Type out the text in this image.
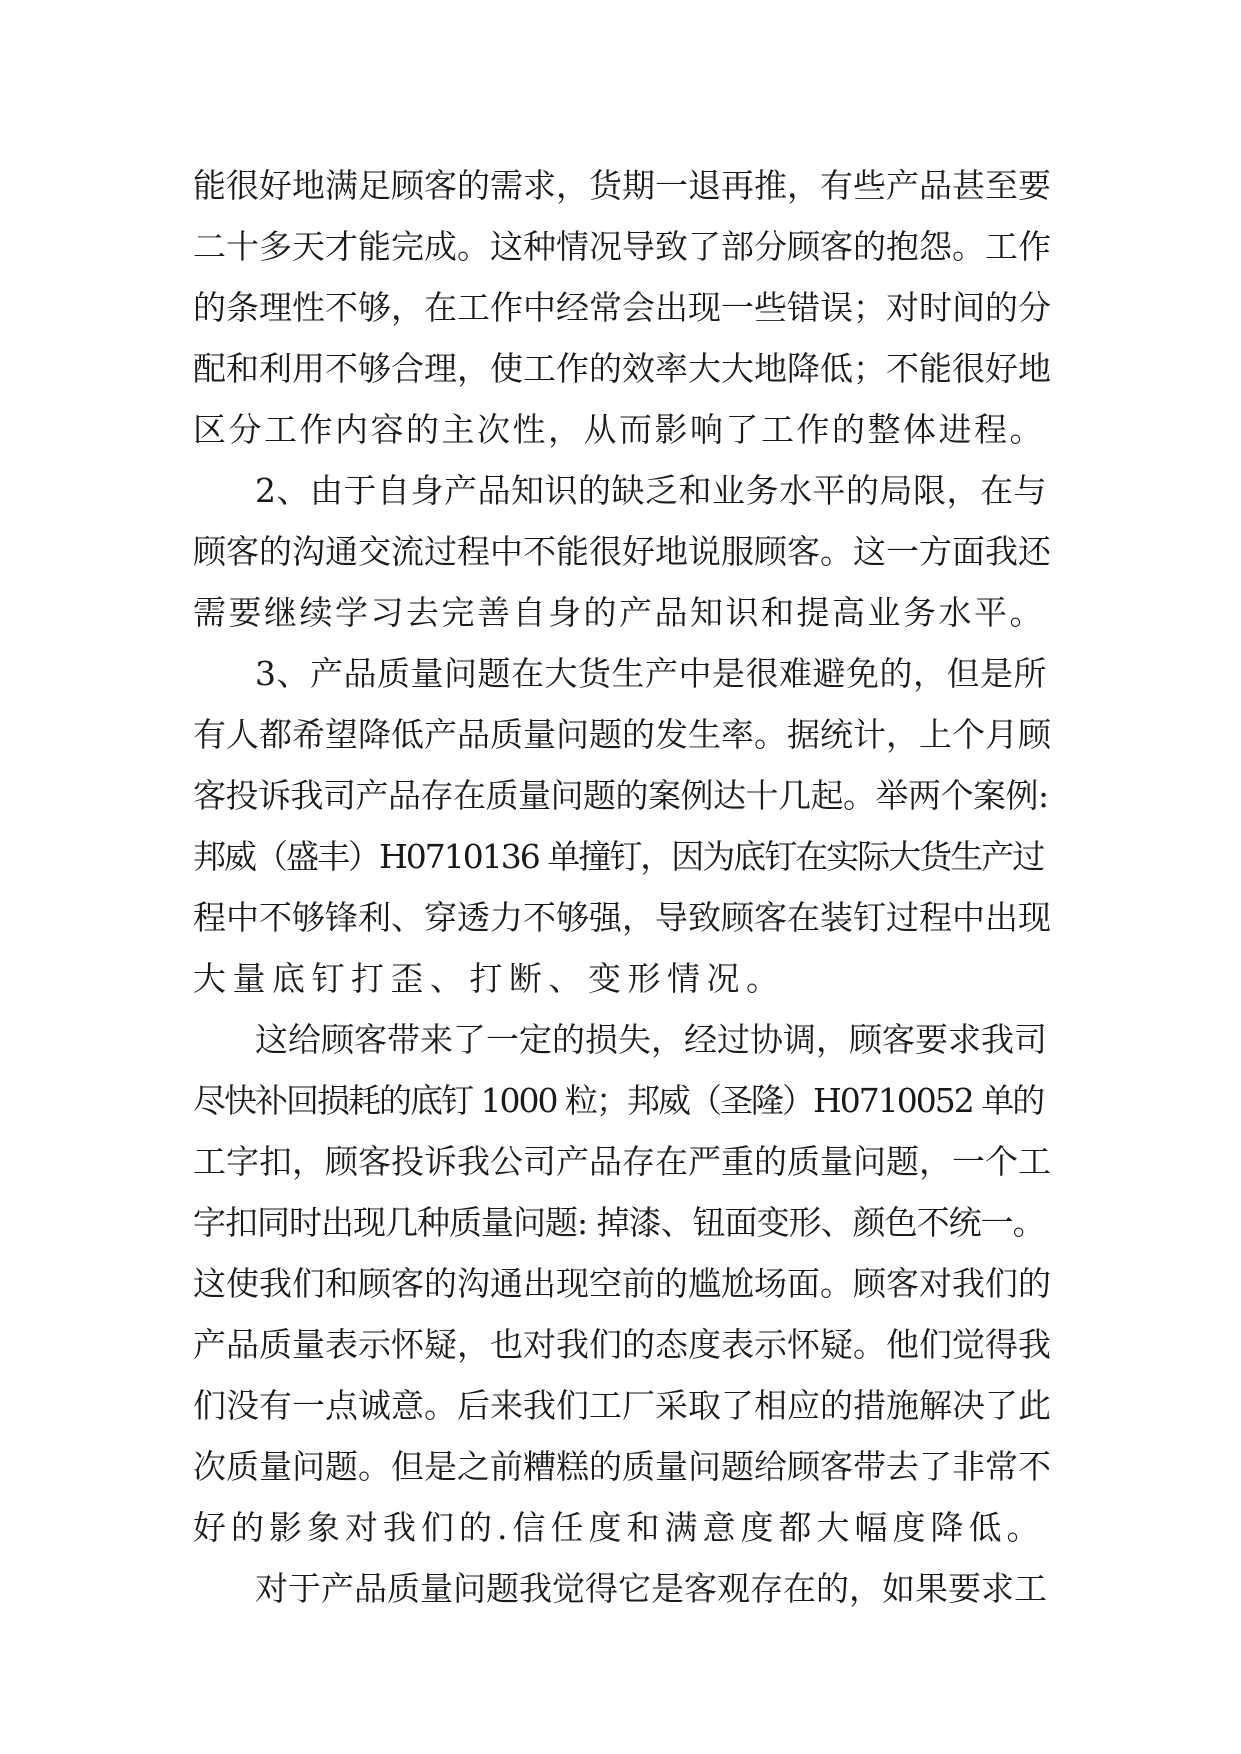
能很好地满足顾客的需求，货期一退再推，有些产品甚至要
二十多天才能完成。这种情况导致了部分顾客的抱怨。工作
的条理性不够，在工作中经常会出现一些错误；对时间的分
配和利用不够合理，使工作的效率大大地降低；不能很好地
区分工作内容的主次性，从而影响了工作的整体进程。
2、由于自身产品知识的缺乏和业务水平的局限，在与
顾客的沟通交流过程中不能很好地说服顾客。这一方面我还
需要继续学习去完善自身的产品知识和提高业务水平。
3、产品质量问题在大货生产中是很难避免的，但是所
有人都希望降低产品质量问题的发生率。据统计，上个月顾
客投诉我司产品存在质量问题的案例达十几起。举两个案例:
邦威（盛丰）H0710136 单撞钉，因为底钉在实际大货生产过
程中不够锋利、穿透力不够强，导致顾客在装钉过程中出现
大量底钉打歪、打断、变形情况。
这给顾客带来了一定的损失，经过协调，顾客要求我司
尽快补回损耗的底钉 1000 粒；邦威（圣隆）H0710052 单的
工字扣，顾客投诉我公司产品存在严重的质量问题，一个工
字扣同时出现几种质量问题: 掉漆、钮面变形、颜色不统一。
这使我们和顾客的沟通出现空前的尴尬场面。顾客对我们的
产品质量表示怀疑，也对我们的态度表示怀疑。他们觉得我
们没有一点诚意。后来我们工厂采取了相应的措施解决了此
次质量问题。但是之前糟糕的质量问题给顾客带去了非常不
好的影象对我们的.信任度和满意度都大幅度降低。
对于产品质量问题我觉得它是客观存在的，如果要求工
